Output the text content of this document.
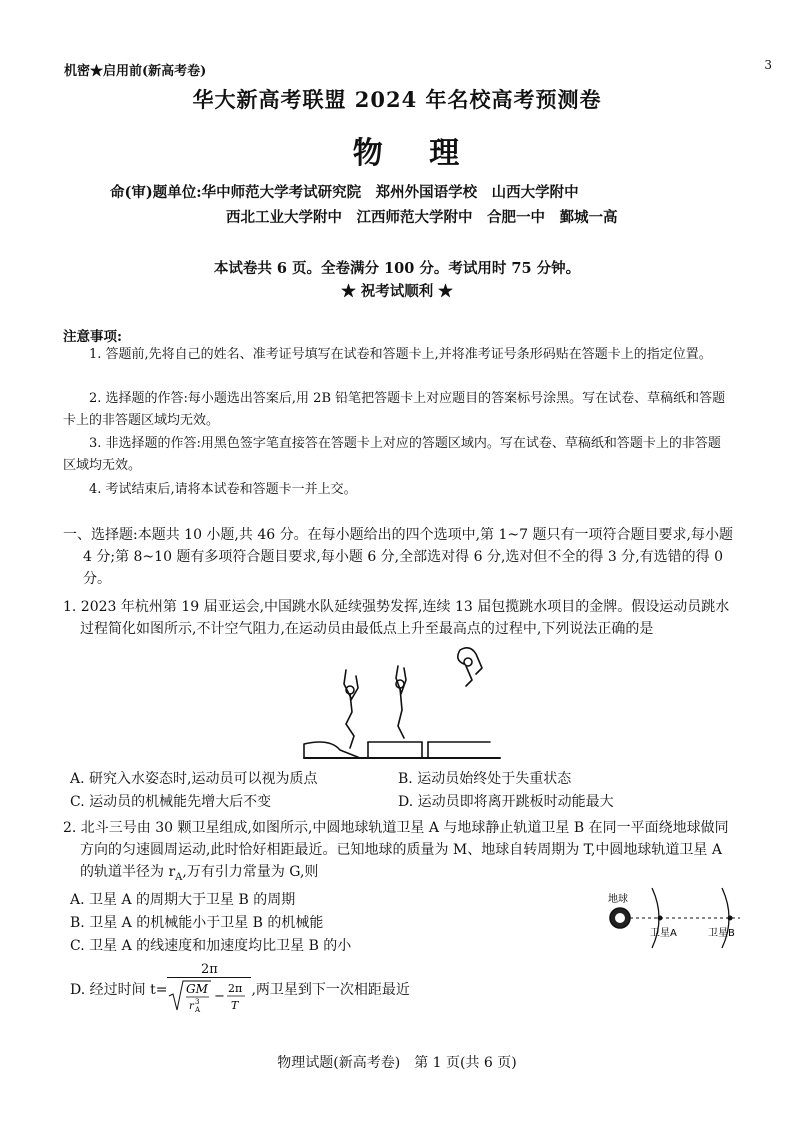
机密★启用前(新高考卷)	3
华大新高考联盟 2024 年名校高考预测卷
物 理
命(审)题单位:华中师范大学考试研究院　郑州外国语学校　山西大学附中
西北工业大学附中　江西师范大学附中　合肥一中　鄞城一高
本试卷共 6 页。全卷满分 100 分。考试用时 75 分钟。
★ 祝考试顺利 ★
注意事项:
1. 答题前,先将自己的姓名、准考证号填写在试卷和答题卡上,并将准考证号条形码贴在答题卡上的指定位置。
2. 选择题的作答:每小题选出答案后,用 2B 铅笔把答题卡上对应题目的答案标号涂黑。写在试卷、草稿纸和答题卡上的非答题区域均无效。
3. 非选择题的作答:用黑色签字笔直接答在答题卡上对应的答题区域内。写在试卷、草稿纸和答题卡上的非答题区域均无效。
4. 考试结束后,请将本试卷和答题卡一并上交。
一、选择题:本题共 10 小题,共 46 分。在每小题给出的四个选项中,第 1~7 题只有一项符合题目要求,每小题 4 分;第 8~10 题有多项符合题目要求,每小题 6 分,全部选对得 6 分,选对但不全的得 3 分,有选错的得 0 分。
1. 2023 年杭州第 19 届亚运会,中国跳水队延续强势发挥,连续 13 届包揽跳水项目的金牌。假设运动员跳水过程简化如图所示,不计空气阻力,在运动员由最低点上升至最高点的过程中,下列说法正确的是
A. 研究入水姿态时,运动员可以视为质点	B. 运动员始终处于失重状态
C. 运动员的机械能先增大后不变	D. 运动员即将离开跳板时动能最大
2. 北斗三号由 30 颗卫星组成,如图所示,中圆地球轨道卫星 A 与地球静止轨道卫星 B 在同一平面绕地球做同方向的匀速圆周运动,此时恰好相距最近。已知地球的质量为 M、地球自转周期为 T,中圆地球轨道卫星 A 的轨道半径为 $r_A$,万有引力常量为 G,则
A. 卫星 A 的周期大于卫星 B 的周期
B. 卫星 A 的机械能小于卫星 B 的机械能
C. 卫星 A 的线速度和加速度均比卫星 B 的小
D. 经过时间 t=
2π
GM
r 3
A
−
2π
T
,两卫星到下一次相距最近
地球
卫星A	卫星B
物理试题(新高考卷)　第 1 页(共 6 页)
